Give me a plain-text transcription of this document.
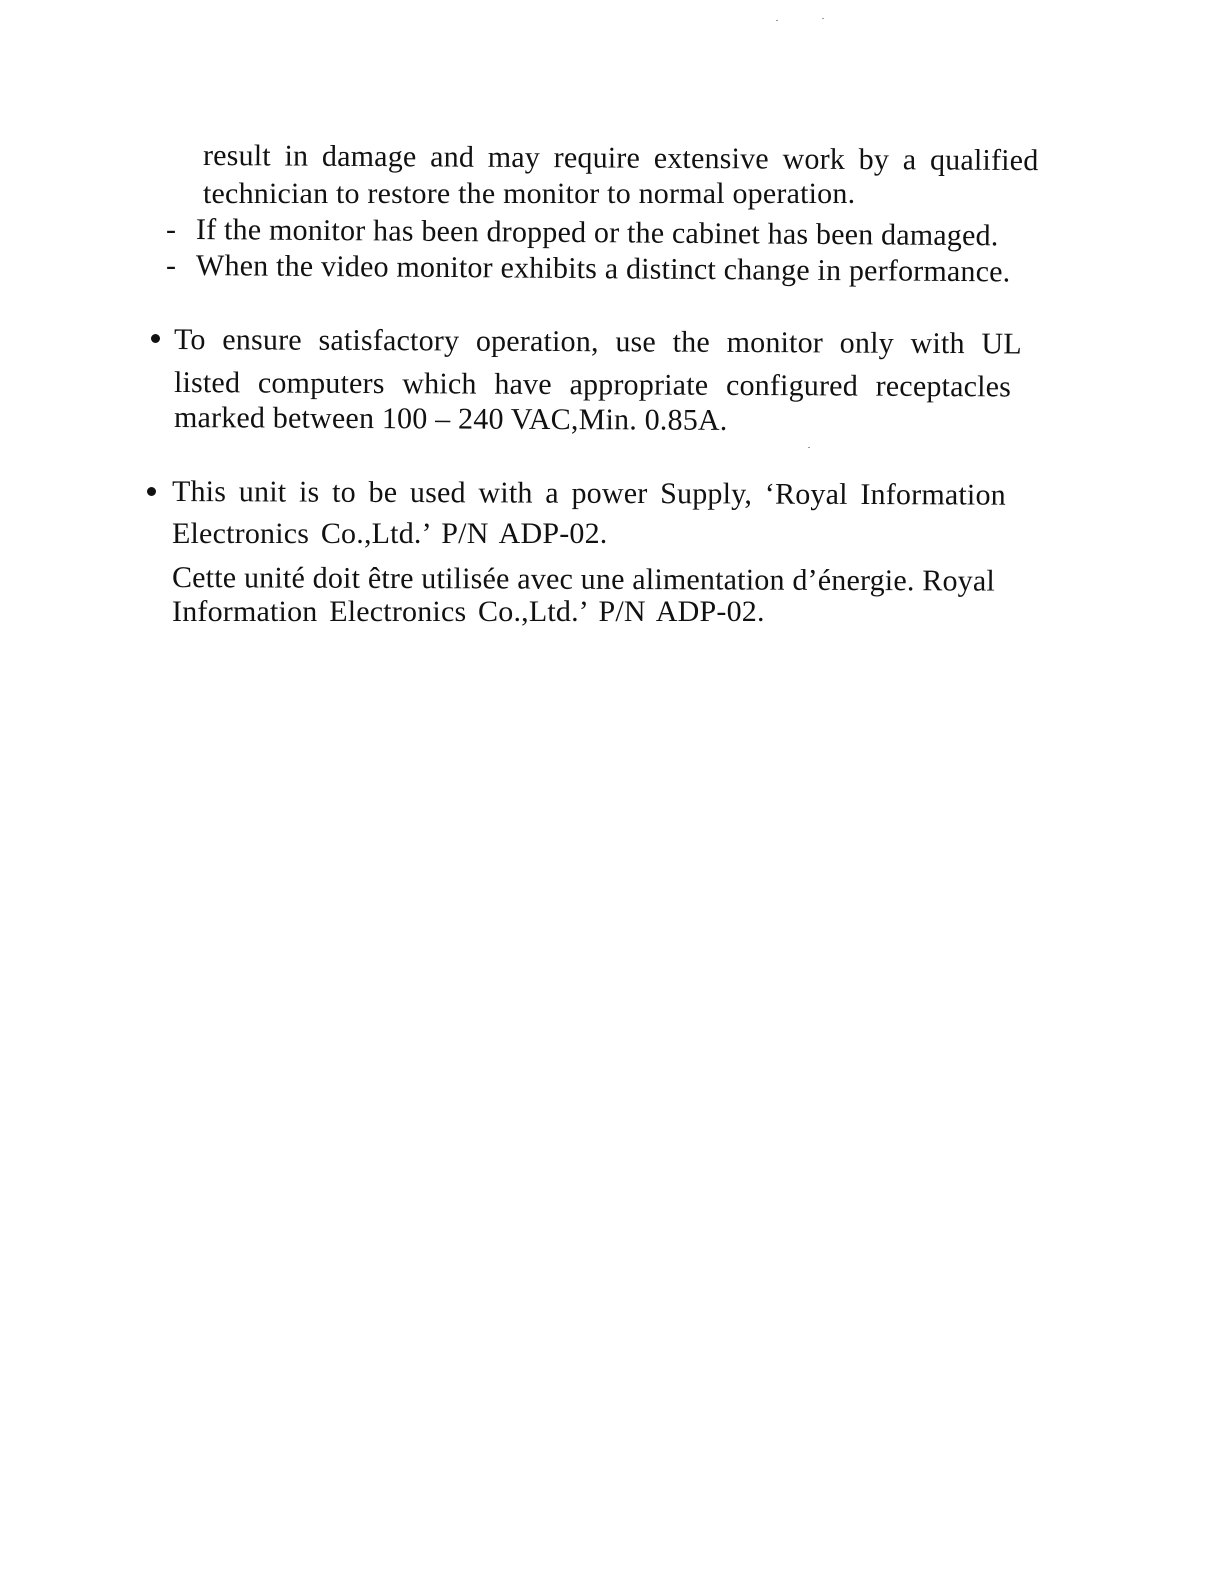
result in damage and may require extensive work by a qualified
technician to restore the monitor to normal operation.
- If the monitor has been dropped or the cabinet has been damaged.
- When the video monitor exhibits a distinct change in performance.
To ensure satisfactory operation, use the monitor only with UL
listed computers which have appropriate configured receptacles
marked between 100 – 240 VAC,Min. 0.85A.
This unit is to be used with a power Supply, ‘Royal Information
Electronics Co.,Ltd.’ P/N ADP-02.
Cette unité doit être utilisée avec une alimentation d’énergie. Royal
Information Electronics Co.,Ltd.’ P/N ADP-02.
